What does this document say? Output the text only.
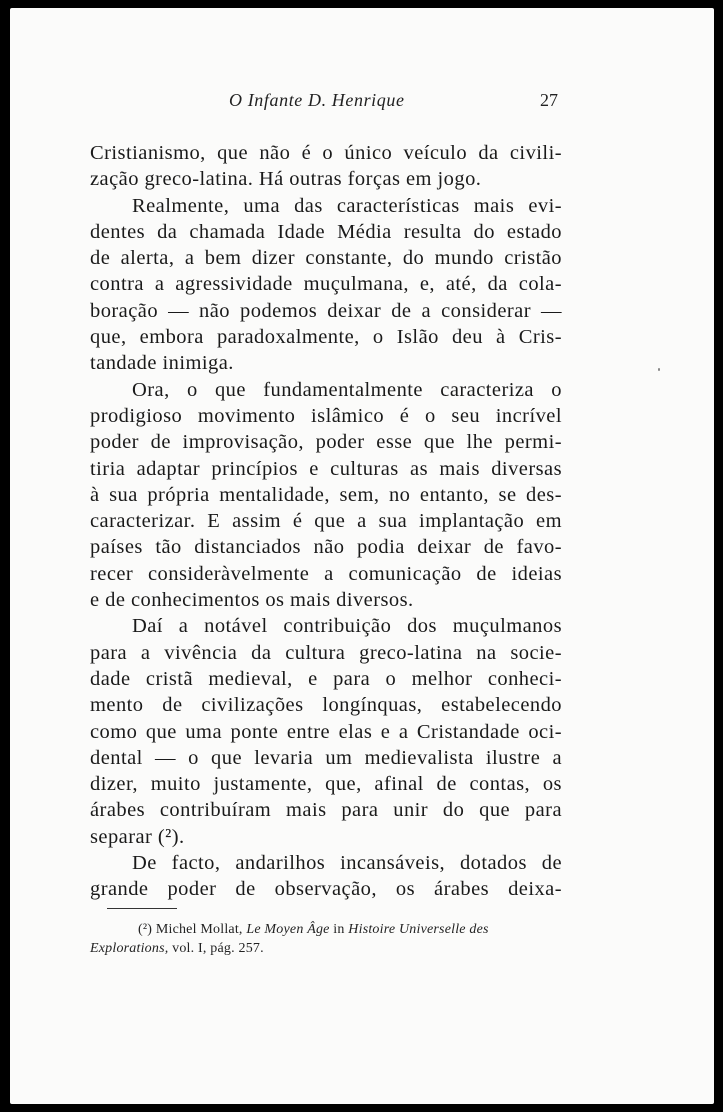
O Infante D. Henrique	27
Cristianismo, que não é o único veículo da civili-
zação greco-latina. Há outras forças em jogo.
Realmente, uma das características mais evi-
dentes da chamada Idade Média resulta do estado
de alerta, a bem dizer constante, do mundo cristão
contra a agressividade muçulmana, e, até, da cola-
boração — não podemos deixar de a considerar —
que, embora paradoxalmente, o Islão deu à Cris-
tandade inimiga.
Ora, o que fundamentalmente caracteriza o
prodigioso movimento islâmico é o seu incrível
poder de improvisação, poder esse que lhe permi-
tiria adaptar princípios e culturas as mais diversas
à sua própria mentalidade, sem, no entanto, se des-
caracterizar. E assim é que a sua implantação em
países tão distanciados não podia deixar de favo-
recer consideràvelmente a comunicação de ideias
e de conhecimentos os mais diversos.
Daí a notável contribuição dos muçulmanos
para a vivência da cultura greco-latina na socie-
dade cristã medieval, e para o melhor conheci-
mento de civilizações longínquas, estabelecendo
como que uma ponte entre elas e a Cristandade oci-
dental — o que levaria um medievalista ilustre a
dizer, muito justamente, que, afinal de contas, os
árabes contribuíram mais para unir do que para
separar (²).
De facto, andarilhos incansáveis, dotados de
grande poder de observação, os árabes deixa-
(²) Michel Mollat, Le Moyen Âge in Histoire Universelle des
Explorations, vol. I, pág. 257.
